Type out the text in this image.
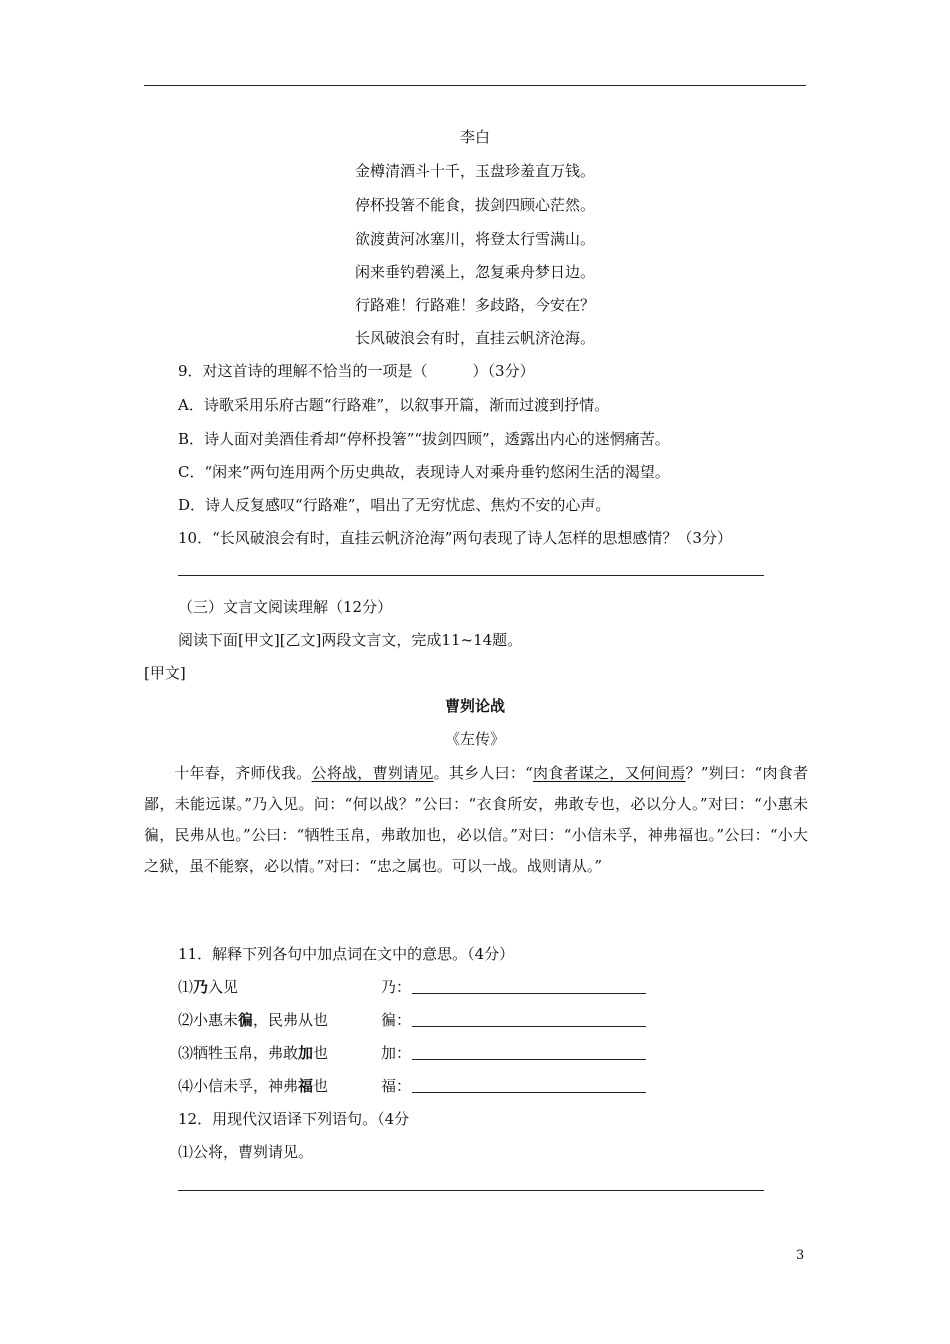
李白
金樽清酒斗十千，玉盘珍羞直万钱。
停杯投箸不能食，拔剑四顾心茫然。
欲渡黄河冰塞川，将登太行雪满山。
闲来垂钓碧溪上，忽复乘舟梦日边。
行路难！行路难！多歧路，今安在？
长风破浪会有时，直挂云帆济沧海。
9．对这首诗的理解不恰当的一项是（　　　）（3分）
A．诗歌采用乐府古题“行路难”，以叙事开篇，渐而过渡到抒情。
B．诗人面对美酒佳肴却“停杯投箸”“拔剑四顾”，透露出内心的迷惘痛苦。
C．“闲来”两句连用两个历史典故，表现诗人对乘舟垂钓悠闲生活的渴望。
D．诗人反复感叹“行路难”，唱出了无穷忧虑、焦灼不安的心声。
10．“长风破浪会有时，直挂云帆济沧海”两句表现了诗人怎样的思想感情？（3分）
（三）文言文阅读理解（12分）
阅读下面[甲文][乙文]两段文言文，完成11~14题。
[甲文]
曹刿论战
《左传》
十年春，齐师伐我。公将战，曹刿请见。其乡人曰：“肉食者谋之，又何间焉？”刿曰：“肉食者鄙，未能远谋。”乃入见。问：“何以战？”公曰：“衣食所安，弗敢专也，必以分人。”对曰：“小惠未徧，民弗从也。”公曰：“牺牲玉帛，弗敢加也，必以信。”对曰：“小信未孚，神弗福也。”公曰：“小大之狱，虽不能察，必以情。”对曰：“忠之属也。可以一战。战则请从。”
11．解释下列各句中加点词在文中的意思。（4分）
⑴乃入见	乃：
⑵小惠未徧，民弗从也	徧：
⑶牺牲玉帛，弗敢加也	加：
⑷小信未孚，神弗福也	福：
12．用现代汉语译下列语句。（4分
⑴公将，曹刿请见。
3
